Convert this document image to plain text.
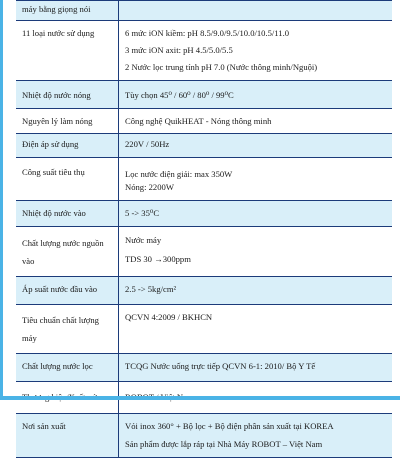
máy bằng giọng nói	

11 loại nước sử dụng	6 mức iON kiềm: pH 8.5/9.0/9.5/10.0/10.5/11.0
3 mức iON axit: pH 4.5/5.0/5.5
2 Nước lọc trung tính pH 7.0 (Nước thông minh/Nguội)

Nhiệt độ nước nóng	Tùy chọn 45⁰ / 60⁰ / 80⁰ / 99⁰C

Nguyên lý làm nóng	Công nghệ QuikHEAT - Nóng thông minh

Điện áp sử dụng	220V / 50Hz

Công suất tiêu thụ	Lọc nước điện giải: max 350W
Nóng: 2200W

Nhiệt độ nước vào	5 -> 35⁰C

Chất lượng nước nguồn vào	Nước máy
TDS 30 →300ppm

Áp suất nước đầu vào	2.5 -> 5kg/cm²

Tiêu chuẩn chất lượng máy	QCVN 4:2009 / BKHCN

Chất lượng nước lọc	TCQG Nước uống trực tiếp QCVN 6-1: 2010/ Bộ Y Tế

Nơi sản xuất	Vỏi inox 360° + Bộ lọc + Bộ điện phân sản xuất tại KOREA
Sản phẩm được lắp ráp tại Nhà Máy ROBOT – Việt Nam
